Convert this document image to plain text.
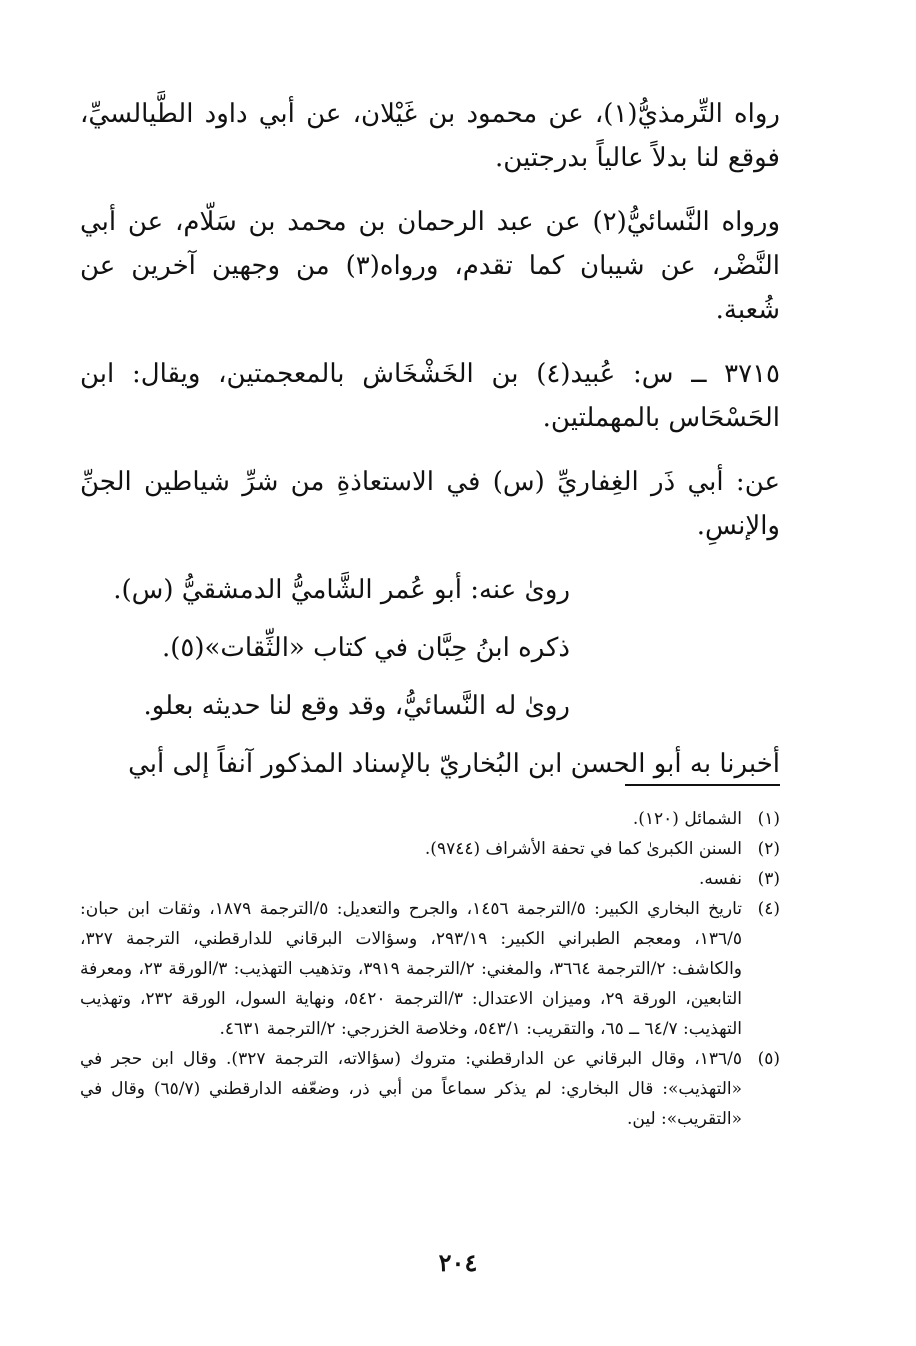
رواه التِّرمذيُّ(١)، عن محمود بن غَيْلان، عن أبي داود الطَّيالسيِّ، فوقع لنا بدلاً عالياً بدرجتين.

ورواه النَّسائيُّ(٢) عن عبد الرحمان بن محمد بن سَلّام، عن أبي النَّضْر، عن شيبان كما تقدم، ورواه(٣) من وجهين آخرين عن شُعبة.

٣٧١٥ ــ س: عُبيد(٤) بن الخَشْخَاش بالمعجمتين، ويقال: ابن الحَسْحَاس بالمهملتين.

عن: أبي ذَر الغِفاريِّ (س) في الاستعاذةِ من شرِّ شياطين الجنِّ والإنسِ.

روىٰ عنه: أبو عُمر الشَّاميُّ الدمشقيُّ (س).

ذكره ابنُ حِبَّان في كتاب «الثِّقات»(٥).

روىٰ له النَّسائيُّ، وقد وقع لنا حديثه بعلو.

أخبرنا به أبو الحسن ابن البُخاريّ بالإسناد المذكور آنفاً إلى أبي

(١)
الشمائل (١٢٠).
(٢)
السنن الكبرىٰ كما في تحفة الأشراف (٩٧٤٤).
(٣)
نفسه.
(٤)
تاريخ البخاري الكبير: ٥/الترجمة ١٤٥٦، والجرح والتعديل: ٥/الترجمة ١٨٧٩، وثقات ابن حبان: ١٣٦/٥، ومعجم الطبراني الكبير: ٢٩٣/١٩، وسؤالات البرقاني للدارقطني، الترجمة ٣٢٧، والكاشف: ٢/الترجمة ٣٦٦٤، والمغني: ٢/الترجمة ٣٩١٩، وتذهيب التهذيب: ٣/الورقة ٢٣، ومعرفة التابعين، الورقة ٢٩، وميزان الاعتدال: ٣/الترجمة ٥٤٢٠، ونهاية السول، الورقة ٢٣٢، وتهذيب التهذيب: ٦٤/٧ ــ ٦٥، والتقريب: ٥٤٣/١، وخلاصة الخزرجي: ٢/الترجمة ٤٦٣١.
(٥)
١٣٦/٥، وقال البرقاني عن الدارقطني: متروك (سؤالاته، الترجمة ٣٢٧). وقال ابن حجر في «التهذيب»: قال البخاري: لم يذكر سماعاً من أبي ذر، وضعّفه الدارقطني (٦٥/٧) وقال في «التقريب»: لين.
٢٠٤
